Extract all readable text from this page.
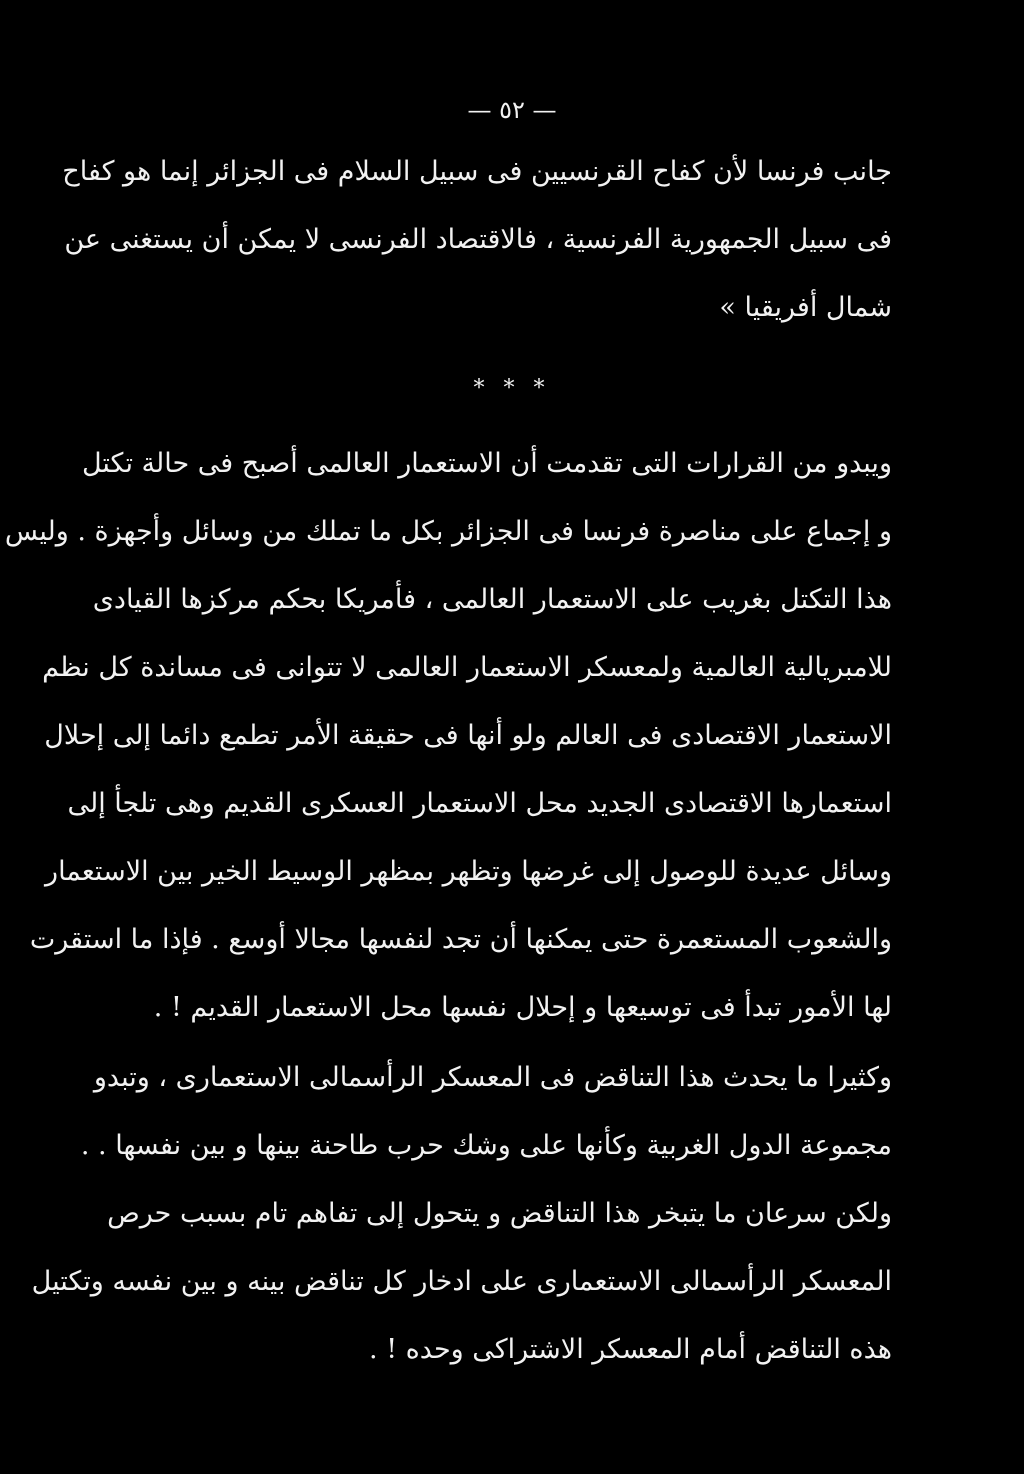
— ٥٢ —
جانب فرنسا لأن كفاح القرنسيين فى سبيل السلام فى الجزائر إنما هو كفاح
فى سبيل الجمهورية الفرنسية ، فالاقتصاد الفرنسى لا يمكن أن يستغنى عن
شمال أفريقيا »
* * *
ويبدو من القرارات التى تقدمت أن الاستعمار العالمى أصبح فى حالة تكتل
و إجماع على مناصرة فرنسا فى الجزائر بكل ما تملك من وسائل وأجهزة . وليس
هذا التكتل بغريب على الاستعمار العالمى ، فأمريكا بحكم مركزها القيادى
للامبريالية العالمية ولمعسكر الاستعمار العالمى لا تتوانى فى مساندة كل نظم
الاستعمار الاقتصادى فى العالم ولو أنها فى حقيقة الأمر تطمع دائما إلى إحلال
استعمارها الاقتصادى الجديد محل الاستعمار العسكرى القديم وهى تلجأ إلى
وسائل عديدة للوصول إلى غرضها وتظهر بمظهر الوسيط الخير بين الاستعمار
والشعوب المستعمرة حتى يمكنها أن تجد لنفسها مجالا أوسع . فإذا ما استقرت
لها الأمور تبدأ فى توسيعها و إحلال نفسها محل الاستعمار القديم ! .
وكثيرا ما يحدث هذا التناقض فى المعسكر الرأسمالى الاستعمارى ، وتبدو
مجموعة الدول الغربية وكأنها على وشك حرب طاحنة بينها و بين نفسها . .
ولكن سرعان ما يتبخر هذا التناقض و يتحول إلى تفاهم تام بسبب حرص
المعسكر الرأسمالى الاستعمارى على ادخار كل تناقض بينه و بين نفسه وتكتيل
هذه التناقض أمام المعسكر الاشتراكى وحده ! .
